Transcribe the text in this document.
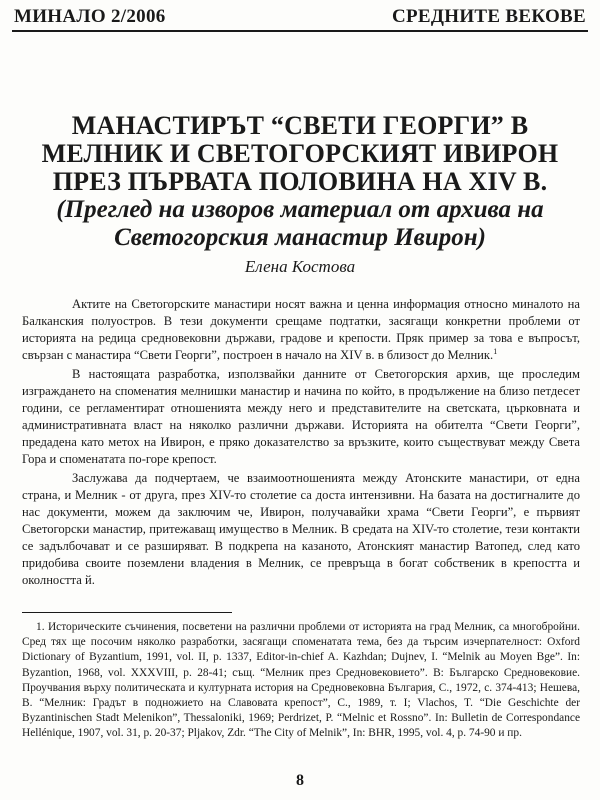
МИНАЛО 2/2006	СРЕДНИТЕ ВЕКОВЕ
МАНАСТИРЪТ “СВЕТИ ГЕОРГИ” В
МЕЛНИК И СВЕТОГОРСКИЯТ ИВИРОН
ПРЕЗ ПЪРВАТА ПОЛОВИНА НА XIV В.
(Преглед на изворов материал от архива на
Светогорския манастир Ивирон)
Елена Костова

Актите на Светогорските манастири носят важна и ценна информация относно миналото на Балканския полуостров. В тези документи срещаме подтатки, засягащи конкретни проблеми от историята на редица средновековни държави, градове и крепости. Пряк пример за това е въпросът, свързан с манастира “Свети Георги”, построен в начало на XIV в. в близост до Мелник.$^1$

В настоящата разработка, използвайки данните от Светогорския архив, ще проследим изграждането на споменатия мелнишки манастир и начина по който, в продължение на близо петдесет години, се регламентират отношенията между него и представителите на светската, църковната и административната власт на няколко различни държави. Историята на обителта “Свети Георги”, предадена като метох на Ивирон, е пряко доказателство за връзките, които съществуват между Света Гора и споменатата по-горе крепост.

Заслужава да подчертаем, че взаимоотношенията между Атонските манастири, от една страна, и Мелник - от друга, през XIV-то столетие са доста интензивни. На базата на достигналите до нас документи, можем да заключим че, Ивирон, получавайки храма “Свети Георги”, е първият Светогорски манастир, притежаващ имущество в Мелник. В средата на XIV-то столетие, тези контакти се задълбочават и се разширяват. В подкрепа на казаното, Атонският манастир Ватопед, след като придобива своите поземлени владения в Мелник, се превръща в богат собственик в крепостта и околността й.

1. Историческите съчинения, посветени на различни проблеми от историята на град Мелник, са многобройни. Сред тях ще посочим няколко разработки, засягащи споменатата тема, без да търсим изчерпателност: Oxford Dictionary of Byzantium, 1991, vol. II, p. 1337, Editor-in-chief A. Kazhdan; Dujnev, I. “Melnik au Moyen Bge”. In: Byzantion, 1968, vol. XXXVIII, p. 28-41; същ. “Мелник през Средновековието”. В: Българско Средновековие. Проучвания върху политическата и културната история на Средновековна България, С., 1972, с. 374-413; Нешева, В. “Мелник: Градът в подножието на Славовата крепост”, С., 1989, т. I; Vlachos, T. “Die Geschichte der Byzantinischen Stadt Melenikon”, Thessaloniki, 1969; Perdrizet, P. “Melnic et Rossno”. In: Bulletin de Correspondance Hellénique, 1907, vol. 31, p. 20-37; Pljakov, Zdr. “The City of Melnik”, In: BHR, 1995, vol. 4, p. 74-90 и пр.

8
